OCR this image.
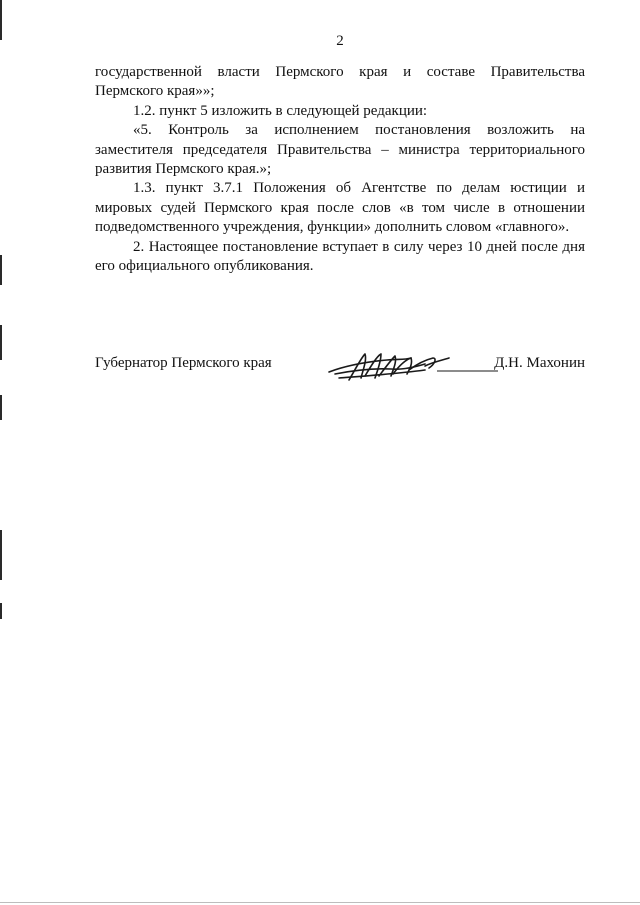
2

государственной власти Пермского края и составе Правительства Пермского края»»;

1.2. пункт 5 изложить в следующей редакции:

«5. Контроль за исполнением постановления возложить на заместителя председателя Правительства – министра территориального развития Пермского края.»;

1.3. пункт 3.7.1 Положения об Агентстве по делам юстиции и мировых судей Пермского края после слов «в том числе в отношении подведомственного учреждения, функции» дополнить словом «главного».

2. Настоящее постановление вступает в силу через 10 дней после дня его официального опубликования.

Губернатор Пермского края	Д.Н. Махонин
